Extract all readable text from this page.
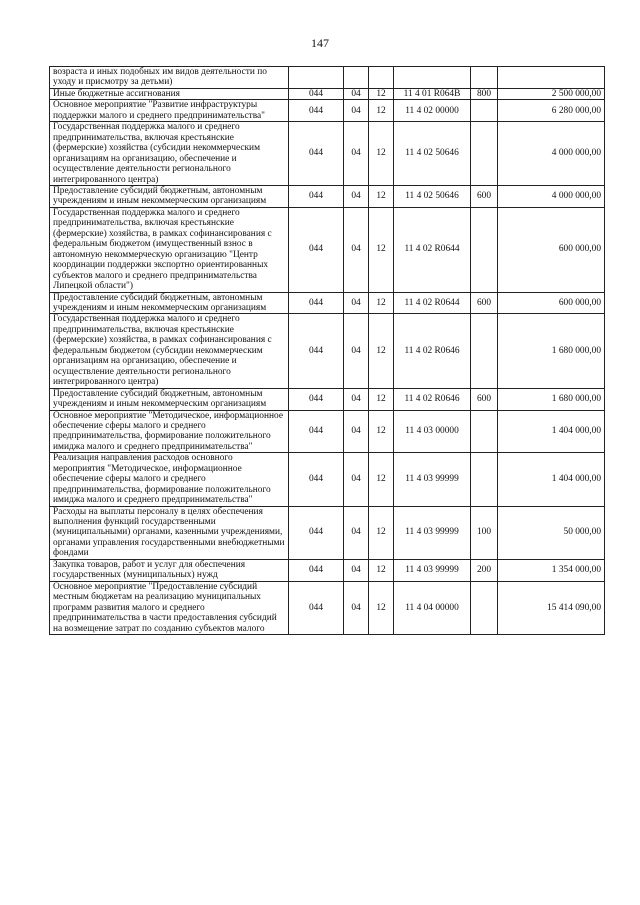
147
возраста и иных подобных им видов деятельности по уходу и присмотру за детьми)						
Иные бюджетные ассигнования	044	04	12	11 4 01 R064В	800	2 500 000,00
Основное мероприятие "Развитие инфраструктуры поддержки малого и среднего предпринимательства"	044	04	12	11 4 02 00000		6 280 000,00
Государственная поддержка малого и среднего предпринимательства, включая крестьянские (фермерские) хозяйства (субсидии некоммерческим организациям на организацию, обеспечение и осуществление деятельности регионального интегрированного центра)	044	04	12	11 4 02 50646		4 000 000,00
Предоставление субсидий бюджетным, автономным учреждениям и иным некоммерческим организациям	044	04	12	11 4 02 50646	600	4 000 000,00
Государственная поддержка малого и среднего предпринимательства, включая крестьянские (фермерские) хозяйства, в рамках софинансирования с федеральным бюджетом (имущественный взнос в автономную некоммерческую организацию "Центр координации поддержки экспортно ориентированных субъектов малого и среднего предпринимательства Липецкой области")	044	04	12	11 4 02 R0644		600 000,00
Предоставление субсидий бюджетным, автономным учреждениям и иным некоммерческим организациям	044	04	12	11 4 02 R0644	600	600 000,00
Государственная поддержка малого и среднего предпринимательства, включая крестьянские (фермерские) хозяйства, в рамках софинансирования с федеральным бюджетом (субсидии некоммерческим организациям на организацию, обеспечение и осуществление деятельности регионального интегрированного центра)	044	04	12	11 4 02 R0646		1 680 000,00
Предоставление субсидий бюджетным, автономным учреждениям и иным некоммерческим организациям	044	04	12	11 4 02 R0646	600	1 680 000,00
Основное мероприятие "Методическое, информационное обеспечение сферы малого и среднего предпринимательства, формирование положительного имиджа малого и среднего предпринимательства"	044	04	12	11 4 03 00000		1 404 000,00
Реализация направления расходов основного мероприятия "Методическое, информационное обеспечение сферы малого и среднего предпринимательства, формирование положительного имиджа малого и среднего предпринимательства"	044	04	12	11 4 03 99999		1 404 000,00
Расходы на выплаты персоналу в целях обеспечения выполнения функций государственными (муниципальными) органами, казенными учреждениями, органами управления государственными внебюджетными фондами	044	04	12	11 4 03 99999	100	50 000,00
Закупка товаров, работ и услуг для обеспечения государственных (муниципальных) нужд	044	04	12	11 4 03 99999	200	1 354 000,00
Основное мероприятие "Предоставление субсидий местным бюджетам на реализацию муниципальных программ развития малого и среднего предпринимательства в части предоставления субсидий на возмещение затрат по созданию субъектов малого	044	04	12	11 4 04 00000		15 414 090,00
